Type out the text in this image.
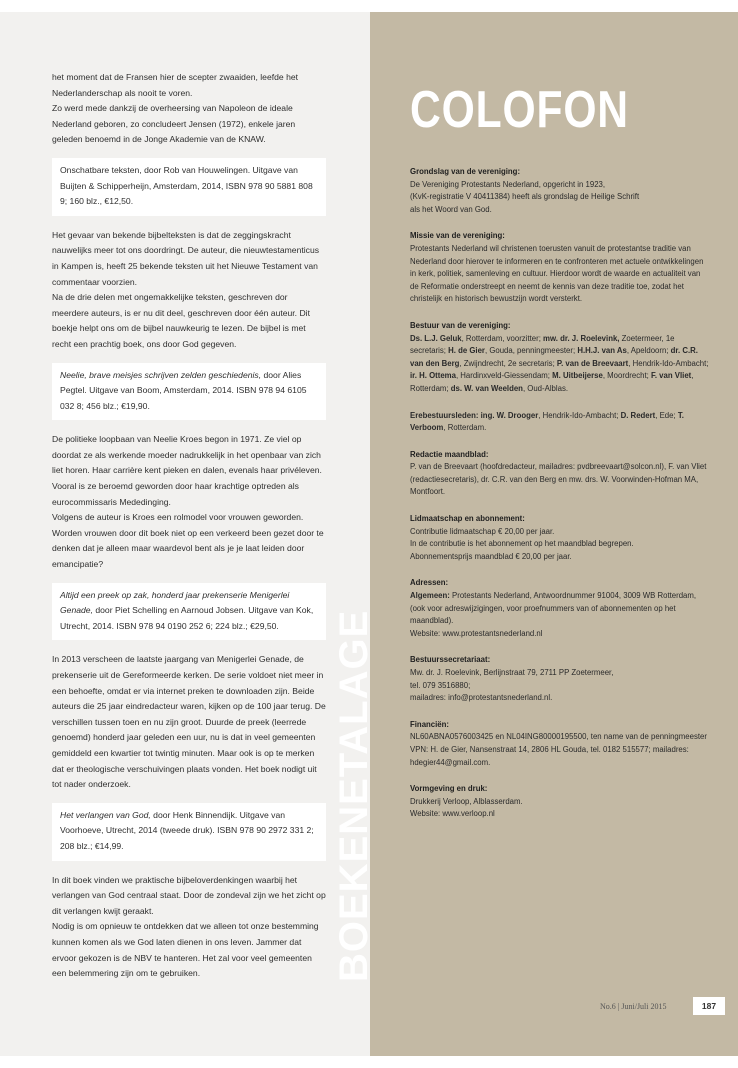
BOEKENETALAGE

het moment dat de Fransen hier de scepter zwaaiden, leefde het Nederlanderschap als nooit te voren.

Zo werd mede dankzij de overheersing van Napoleon de ideale Nederland geboren, zo concludeert Jensen (1972), enkele jaren geleden benoemd in de Jonge Akademie van de KNAW.

Onschatbare teksten, door Rob van Houwelingen. Uitgave van Buijten & Schipperheijn, Amsterdam, 2014, ISBN 978 90 5881 808 9; 160 blz., €12,50.

Het gevaar van bekende bijbelteksten is dat de zeggingskracht nauwelijks meer tot ons doordringt. De auteur, die nieuwtestamenticus in Kampen is, heeft 25 bekende teksten uit het Nieuwe Testament van commentaar voorzien.

Na de drie delen met ongemakkelijke teksten, geschreven dor meerdere auteurs, is er nu dit deel, geschreven door één auteur. Dit boekje helpt ons om de bijbel nauwkeurig te lezen. De bijbel is met recht een prachtig boek, ons door God gegeven.

Neelie, brave meisjes schrijven zelden geschiedenis, door Alies Pegtel. Uitgave van Boom, Amsterdam, 2014. ISBN 978 94 6105 032 8; 456 blz.; €19,90.

De politieke loopbaan van Neelie Kroes begon in 1971. Ze viel op doordat ze als werkende moeder nadrukkelijk in het openbaar van zich liet horen. Haar carrière kent pieken en dalen, evenals haar privéleven. Vooral is ze beroemd geworden door haar krachtige optreden als eurocommissaris Mededinging.

Volgens de auteur is Kroes een rolmodel voor vrouwen geworden. Worden vrouwen door dit boek niet op een verkeerd been gezet door te denken dat je alleen maar waardevol bent als je je laat leiden door emancipatie?

Altijd een preek op zak, honderd jaar prekenserie Menigerlei Genade, door Piet Schelling en Aarnoud Jobsen. Uitgave van Kok, Utrecht, 2014. ISBN 978 94 0190 252 6; 224 blz.; €29,50.

In 2013 verscheen de laatste jaargang van Menigerlei Genade, de prekenserie uit de Gereformeerde kerken. De serie voldoet niet meer in een behoefte, omdat er via internet preken te downloaden zijn. Beide auteurs die 25 jaar eindredacteur waren, kijken op de 100 jaar terug. De verschillen tussen toen en nu zijn groot. Duurde de preek (leerrede genoemd) honderd jaar geleden een uur, nu is dat in veel gemeenten gemiddeld een kwartier tot twintig minuten. Maar ook is op te merken dat er theologische verschuivingen plaats vonden. Het boek nodigt uit tot nader onderzoek.

Het verlangen van God, door Henk Binnendijk. Uitgave van Voorhoeve, Utrecht, 2014 (tweede druk). ISBN 978 90 2972 331 2; 208 blz.; €14,99.

In dit boek vinden we praktische bijbeloverdenkingen waarbij het verlangen van God centraal staat. Door de zondeval zijn we het zicht op dit verlangen kwijt geraakt.

Nodig is om opnieuw te ontdekken dat we alleen tot onze bestemming kunnen komen als we God laten dienen in ons leven. Jammer dat ervoor gekozen is de NBV te hanteren. Het zal voor veel gemeenten een belemmering zijn om te gebruiken.

COLOFON
Grondslag van de vereniging:
De Vereniging Protestants Nederland, opgericht in 1923,
(KvK-registratie V 40411384) heeft als grondslag de Heilige Schrift
als het Woord van God.
Missie van de vereniging:
Protestants Nederland wil christenen toerusten vanuit de protestantse traditie van Nederland door hierover te informeren en te confronteren met actuele ontwikkelingen in kerk, politiek, samenleving en cultuur. Hierdoor wordt de waarde en actualiteit van de Reformatie onderstreept en neemt de kennis van deze traditie toe, zodat het christelijk en historisch bewustzijn wordt versterkt.
Bestuur van de vereniging:
Ds. L.J. Geluk, Rotterdam, voorzitter; mw. dr. J. Roelevink, Zoetermeer, 1e secretaris; H. de Gier, Gouda, penningmeester; H.H.J. van As, Apeldoorn; dr. C.R. van den Berg, Zwijndrecht, 2e secretaris; P. van de Breevaart, Hendrik-Ido-Ambacht; ir. H. Ottema, Hardinxveld-Giessendam; M. Uitbeijerse, Moordrecht; F. van Vliet, Rotterdam; ds. W. van Weelden, Oud-Alblas.
Erebestuursleden: ing. W. Drooger, Hendrik-Ido-Ambacht; D. Redert, Ede; T. Verboom, Rotterdam.
Redactie maandblad:
P. van de Breevaart (hoofdredacteur, mailadres: pvdbreevaart@solcon.nl), F. van Vliet (redactiesecretaris), dr. C.R. van den Berg en mw. drs. W. Voorwinden-Hofman MA, Montfoort.
Lidmaatschap en abonnement:
Contributie lidmaatschap € 20,00 per jaar.
In de contributie is het abonnement op het maandblad begrepen.
Abonnementsprijs maandblad € 20,00 per jaar.
Adressen:
Algemeen: Protestants Nederland, Antwoordnummer 91004, 3009 WB Rotterdam, (ook voor adreswijzigingen, voor proefnummers van of abonnementen op het maandblad).
Website: www.protestantsnederland.nl
Bestuurssecretariaat:
Mw. dr. J. Roelevink, Berlijnstraat 79, 2711 PP Zoetermeer,
tel. 079 3516880;
mailadres: info@protestantsnederland.nl.
Financiën:
NL60ABNA0576003425 en NL04ING80000195500, ten name van de penningmeester VPN: H. de Gier, Nansenstraat 14, 2806 HL Gouda, tel. 0182 515577; mailadres: hdegier44@gmail.com.
Vormgeving en druk:
Drukkerij Verloop, Alblasserdam.
Website: www.verloop.nl
No.6 | Juni/Juli 2015	187
